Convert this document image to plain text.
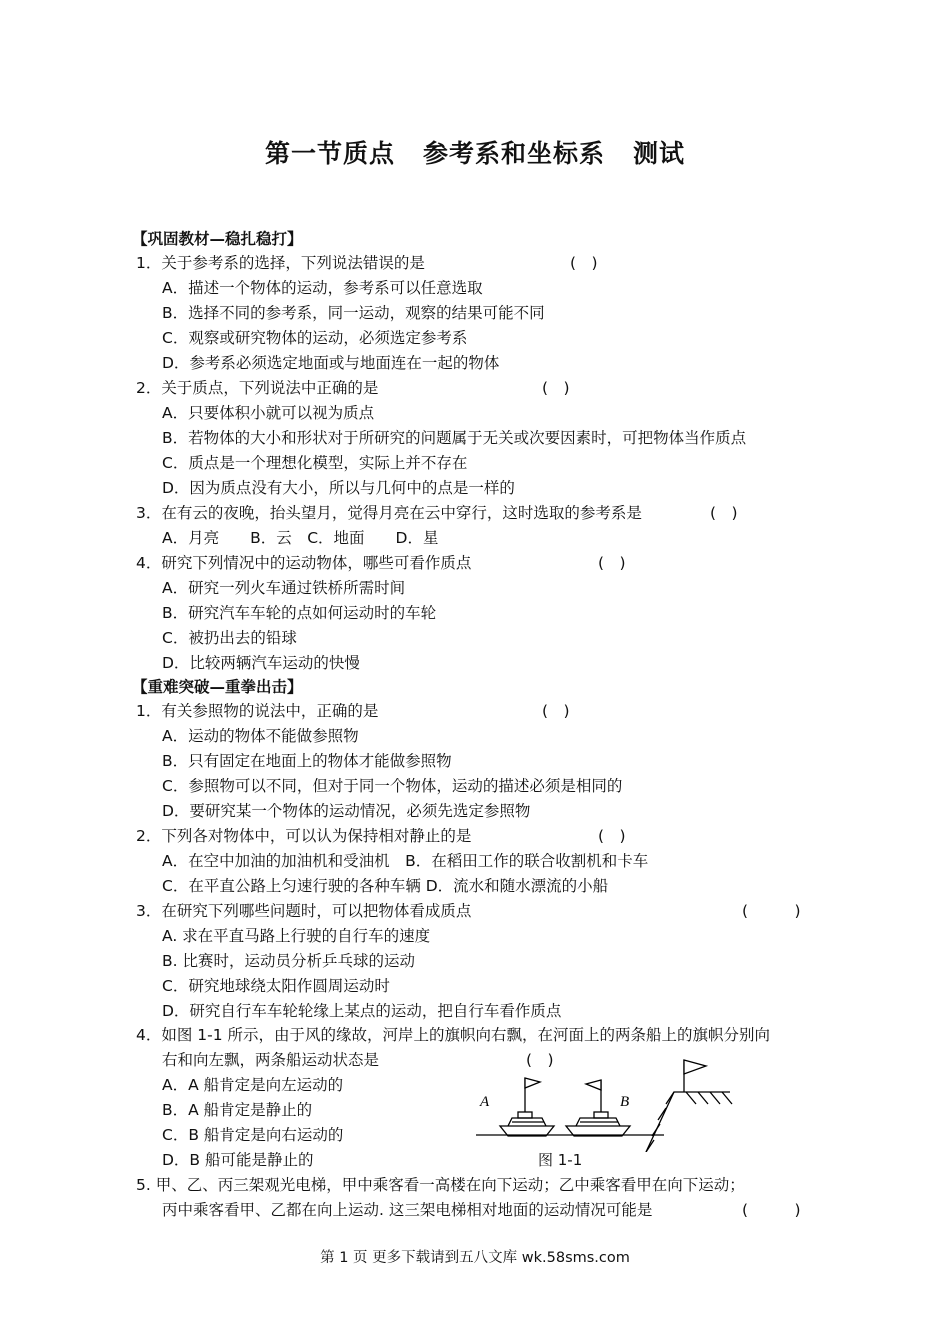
第一节质点 参考系和坐标系 测试
【巩固教材—稳扎稳打】
1．关于参考系的选择，下列说法错误的是	(　)
A．描述一个物体的运动，参考系可以任意选取
B．选择不同的参考系，同一运动，观察的结果可能不同
C．观察或研究物体的运动，必须选定参考系
D．参考系必须选定地面或与地面连在一起的物体
2．关于质点，下列说法中正确的是	(　)
A．只要体积小就可以视为质点
B．若物体的大小和形状对于所研究的问题属于无关或次要因素时，可把物体当作质点
C．质点是一个理想化模型，实际上并不存在
D．因为质点没有大小，所以与几何中的点是一样的
3．在有云的夜晚，抬头望月，觉得月亮在云中穿行，这时选取的参考系是	(　)
A．月亮　　B．云　C．地面　　D．星
4．研究下列情况中的运动物体，哪些可看作质点	(　)
A．研究一列火车通过铁桥所需时间
B．研究汽车车轮的点如何运动时的车轮
C．被扔出去的铅球
D．比较两辆汽车运动的快慢
【重难突破—重拳出击】
1．有关参照物的说法中，正确的是	(　)
A．运动的物体不能做参照物
B．只有固定在地面上的物体才能做参照物
C．参照物可以不同，但对于同一个物体，运动的描述必须是相同的
D．要研究某一个物体的运动情况，必须先选定参照物
2．下列各对物体中，可以认为保持相对静止的是	(　)
A．在空中加油的加油机和受油机　B．在稻田工作的联合收割机和卡车
C．在平直公路上匀速行驶的各种车辆 D．流水和随水漂流的小船
3．在研究下列哪些问题时，可以把物体看成质点	(　　　)
A. 求在平直马路上行驶的自行车的速度
B. 比赛时，运动员分析乒乓球的运动
C．研究地球绕太阳作圆周运动时
D．研究自行车车轮轮缘上某点的运动，把自行车看作质点
4．如图 1-1 所示，由于风的缘故，河岸上的旗帜向右飘，在河面上的两条船上的旗帜分别向
右和向左飘，两条船运动状态是	(　)
A．A 船肯定是向左运动的
B．A 船肯定是静止的
C．B 船肯定是向右运动的
D．B 船可能是静止的
A	B
图 1-1
5. 甲、乙、丙三架观光电梯，甲中乘客看一高楼在向下运动；乙中乘客看甲在向下运动；
丙中乘客看甲、乙都在向上运动. 这三架电梯相对地面的运动情况可能是	(　　　)
第 1 页 更多下载请到五八文库 wk.58sms.com
